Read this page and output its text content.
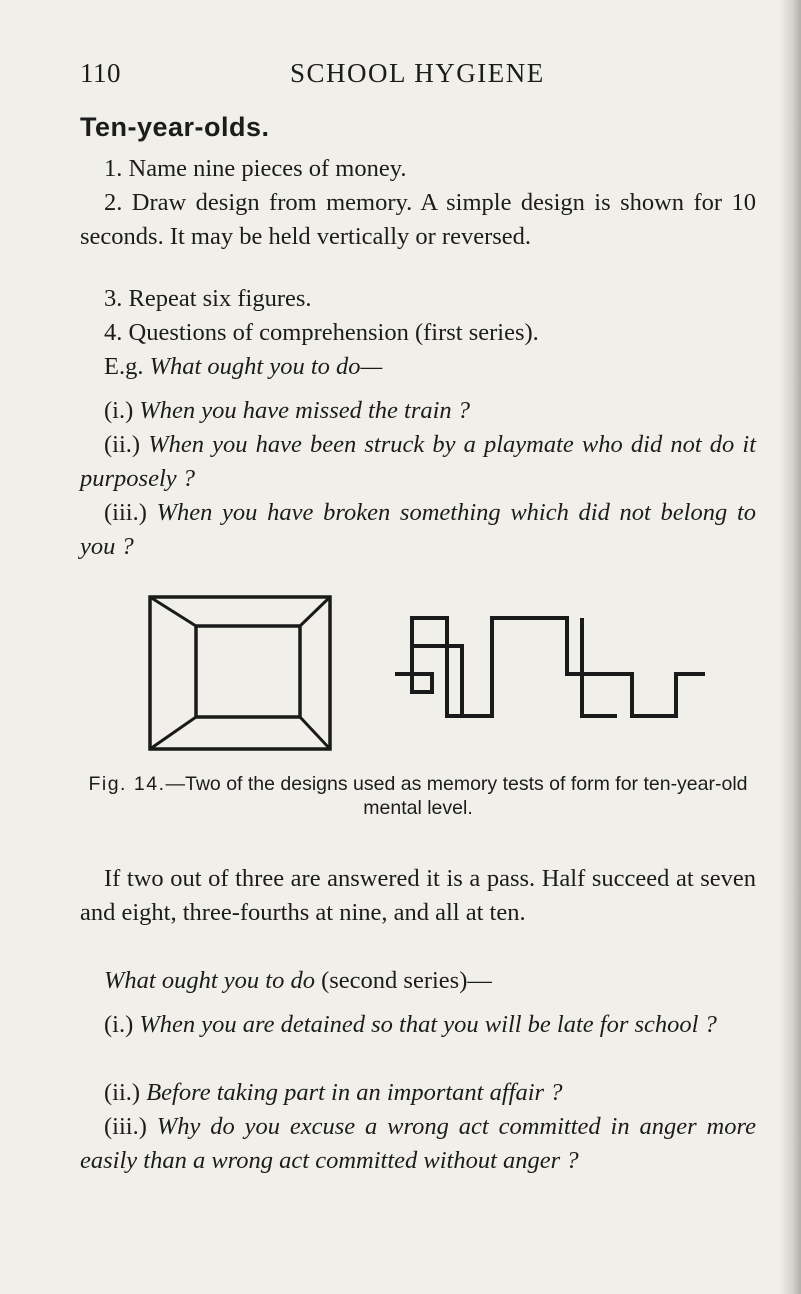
110	SCHOOL HYGIENE
Ten-year-olds.
1. Name nine pieces of money.
2. Draw design from memory. A simple design is shown for 10 seconds. It may be held vertically or reversed.
3. Repeat six figures.
4. Questions of comprehension (first series).
E.g. What ought you to do—
(i.) When you have missed the train ?
(ii.) When you have been struck by a playmate who did not do it purposely ?
(iii.) When you have broken something which did not belong to you ?
Fig. 14.—Two of the designs used as memory tests of form for ten-year-old mental level.
If two out of three are answered it is a pass. Half succeed at seven and eight, three-fourths at nine, and all at ten.
What ought you to do (second series)—
(i.) When you are detained so that you will be late for school ?
(ii.) Before taking part in an important affair ?
(iii.) Why do you excuse a wrong act committed in anger more easily than a wrong act committed without anger ?
